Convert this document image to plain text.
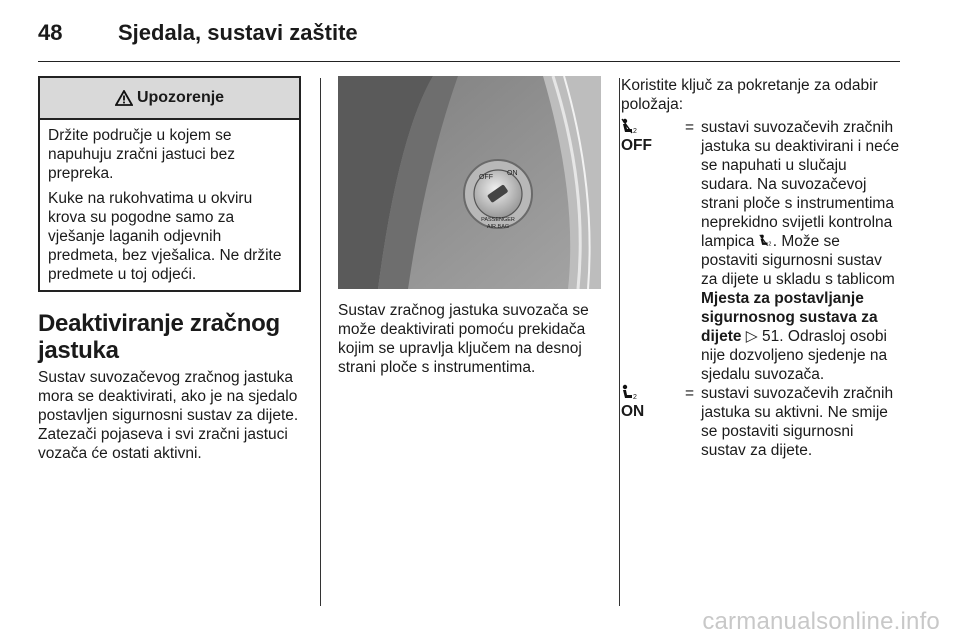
48	Sjedala, sustavi zaštite
Upozorenje

Držite područje u kojem se napuhuju zračni jastuci bez prepreka.

Kuke na rukohvatima u okviru krova su pogodne samo za vješanje laganih odjevnih predmeta, bez vješalica. Ne držite predmete u toj odjeći.

Deaktiviranje zračnog jastuka

Sustav suvozačevog zračnog jastuka mora se deaktivirati, ako je na sjedalo postavljen sigurnosni sustav za dijete. Zatezači pojaseva i svi zračni jastuci vozača će ostati aktivni.

OFF
ON
PASSENGER
AIR BAG

Sustav zračnog jastuka suvozača se može deaktivirati pomoću prekidača kojim se upravlja ključem na desnoj strani ploče s instrumentima.

Koristite ključ za pokretanje za odabir položaja:

2
OFF
= sustavi suvozačevih zračnih jastuka su deaktivirani i neće se napuhati u slučaju sudara. Na suvozačevoj strani ploče s instrumentima neprekidno svijetli kontrolna lampica 2 . Može se postaviti sigurnosni sustav za dijete u skladu s tablicom Mjesta za postavljanje sigurnosnog sustava za dijete ▷ 51. Odrasloj osobi nije dozvoljeno sjedenje na sjedalu suvozača.
2
ON
= sustavi suvozačevih zračnih jastuka su aktivni. Ne smije se postaviti sigurnosni sustav za dijete.
carmanualsonline.info
